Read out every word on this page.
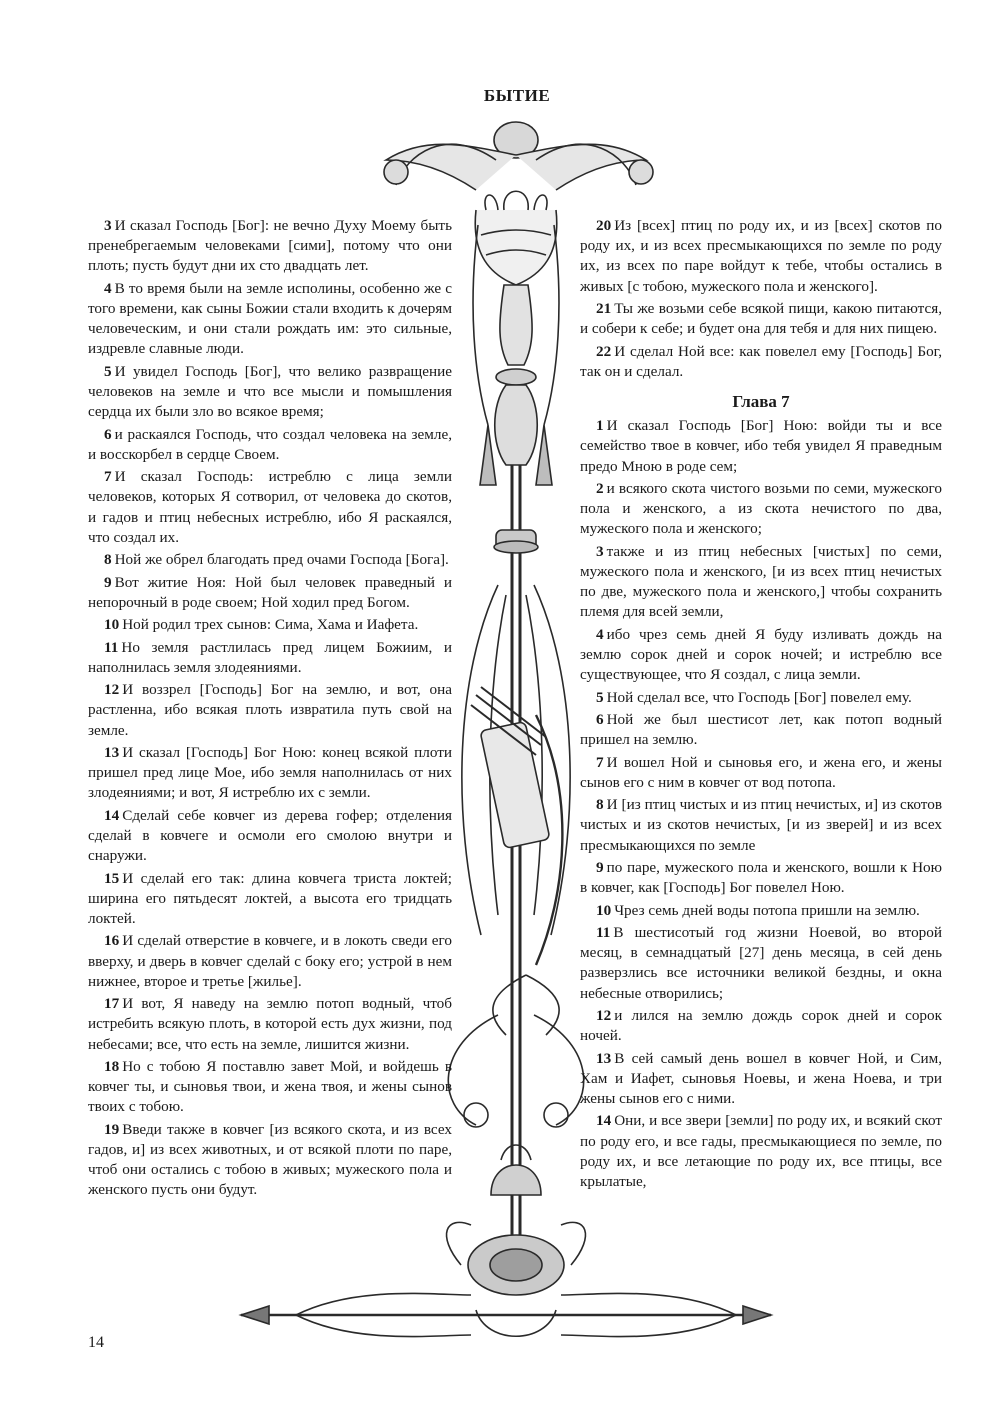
БЫТИЕ

3 И сказал Господь [Бог]: не вечно Духу Моему быть пренебрегаемым человеками [сими], потому что они плоть; пусть будут дни их сто двадцать лет.

4 В то время были на земле исполины, особенно же с того времени, как сыны Божии стали входить к дочерям человеческим, и они стали рождать им: это сильные, издревле славные люди.

5 И увидел Господь [Бог], что велико развращение человеков на земле и что все мысли и помышления сердца их были зло во всякое время;

6 и раскаялся Господь, что создал человека на земле, и восскорбел в сердце Своем.

7 И сказал Господь: истреблю с лица земли человеков, которых Я сотворил, от человека до скотов, и гадов и птиц небесных истреблю, ибо Я раскаялся, что создал их.

8 Ной же обрел благодать пред очами Господа [Бога].

9 Вот житие Ноя: Ной был человек праведный и непорочный в роде своем; Ной ходил пред Богом.

10 Ной родил трех сынов: Сима, Хама и Иафета.

11 Но земля растлилась пред лицем Божиим, и наполнилась земля злодеяниями.

12 И воззрел [Господь] Бог на землю, и вот, она растленна, ибо всякая плоть извратила путь свой на земле.

13 И сказал [Господь] Бог Ною: конец всякой плоти пришел пред лице Мое, ибо земля наполнилась от них злодеяниями; и вот, Я истреблю их с земли.

14 Сделай себе ковчег из дерева гофер; отделения сделай в ковчеге и осмоли его смолою внутри и снаружи.

15 И сделай его так: длина ковчега триста локтей; ширина его пятьдесят локтей, а высота его тридцать локтей.

16 И сделай отверстие в ковчеге, и в локоть сведи его вверху, и дверь в ковчег сделай с боку его; устрой в нем нижнее, второе и третье [жилье].

17 И вот, Я наведу на землю потоп водный, чтоб истребить всякую плоть, в которой есть дух жизни, под небесами; все, что есть на земле, лишится жизни.

18 Но с тобою Я поставлю завет Мой, и войдешь в ковчег ты, и сыновья твои, и жена твоя, и жены сынов твоих с тобою.

19 Введи также в ковчег [из всякого скота, и из всех гадов, и] из всех животных, и от всякой плоти по паре, чтоб они остались с тобою в живых; мужеского пола и женского пусть они будут.

20 Из [всех] птиц по роду их, и из [всех] скотов по роду их, и из всех пресмыкающихся по земле по роду их, из всех по паре войдут к тебе, чтобы остались в живых [с тобою, мужеского пола и женского].

21 Ты же возьми себе всякой пищи, какою питаются, и собери к себе; и будет она для тебя и для них пищею.

22 И сделал Ной все: как повелел ему [Господь] Бог, так он и сделал.

Глава 7

1 И сказал Господь [Бог] Ною: войди ты и все семейство твое в ковчег, ибо тебя увидел Я праведным предо Мною в роде сем;

2 и всякого скота чистого возьми по семи, мужеского пола и женского, а из скота нечистого по два, мужеского пола и женского;

3 также и из птиц небесных [чистых] по семи, мужеского пола и женского, [и из всех птиц нечистых по две, мужеского пола и женского,] чтобы сохранить племя для всей земли,

4 ибо чрез семь дней Я буду изливать дождь на землю сорок дней и сорок ночей; и истреблю все существующее, что Я создал, с лица земли.

5 Ной сделал все, что Господь [Бог] повелел ему.

6 Ной же был шестисот лет, как потоп водный пришел на землю.

7 И вошел Ной и сыновья его, и жена его, и жены сынов его с ним в ковчег от вод потопа.

8 И [из птиц чистых и из птиц нечистых, и] из скотов чистых и из скотов нечистых, [и из зверей] и из всех пресмыкающихся по земле

9 по паре, мужеского пола и женского, вошли к Ною в ковчег, как [Господь] Бог повелел Ною.

10 Чрез семь дней воды потопа пришли на землю.

11 В шестисотый год жизни Ноевой, во второй месяц, в семнадцатый [27] день месяца, в сей день разверзлись все источники великой бездны, и окна небесные отворились;

12 и лился на землю дождь сорок дней и сорок ночей.

13 В сей самый день вошел в ковчег Ной, и Сим, Хам и Иафет, сыновья Ноевы, и жена Ноева, и три жены сынов его с ними.

14 Они, и все звери [земли] по роду их, и всякий скот по роду его, и все гады, пресмыкающиеся по земле, по роду их, и все летающие по роду их, все птицы, все крылатые,

14
